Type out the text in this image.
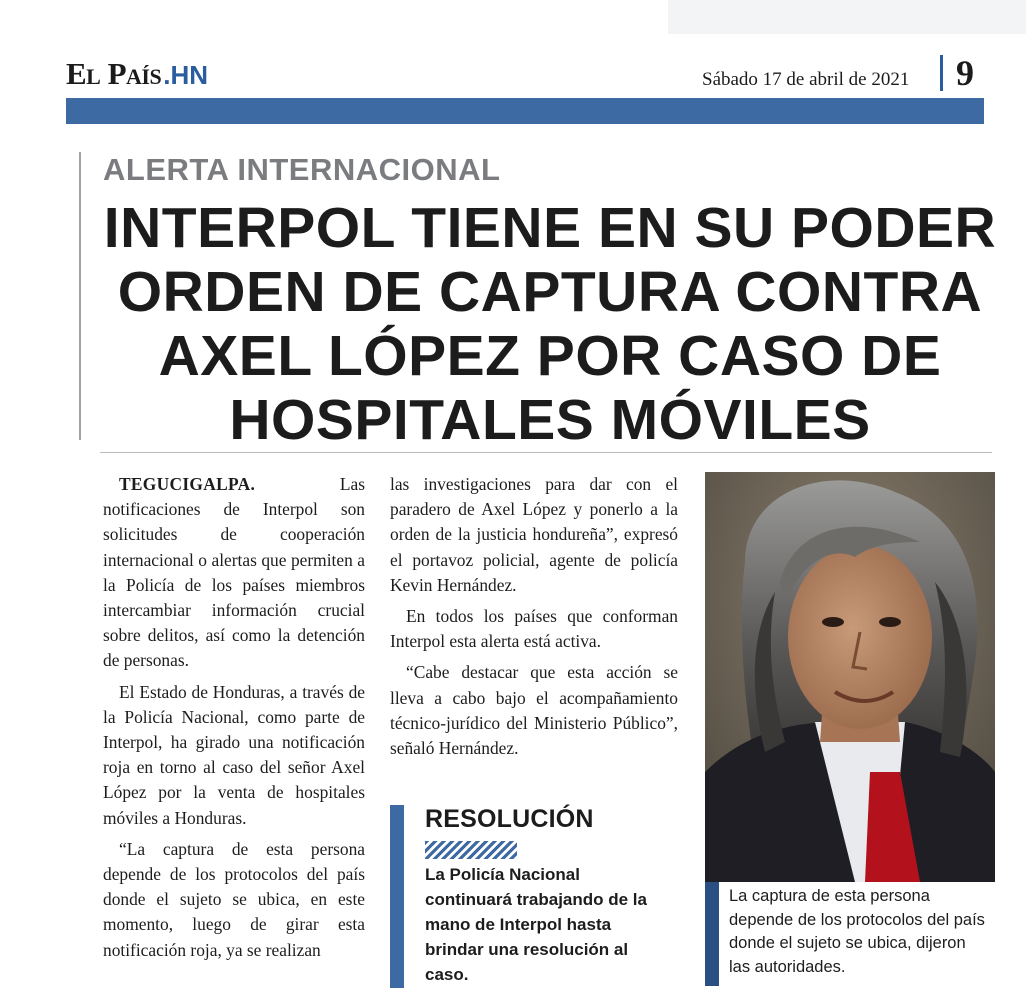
El País .HN	Sábado 17 de abril de 2021 9
ALERTA INTERNACIONAL
INTERPOL TIENE EN SU PODER
ORDEN DE CAPTURA CONTRA
AXEL LÓPEZ POR CASO DE
HOSPITALES MÓVILES

TEGUCIGALPA.	Las notificaciones de Interpol son solicitudes de cooperación internacional o alertas que permiten a la Policía de los países miembros intercambiar información crucial sobre delitos, así como la detención de personas.

El Estado de Honduras, a través de la Policía Nacional, como parte de Interpol, ha girado una notificación roja en torno al caso del señor Axel López por la venta de hospitales móviles a Honduras.

“La captura de esta persona depende de los protocolos del país donde el sujeto se ubica, en este momento, luego de girar esta notificación roja, ya se realizan

las investigaciones para dar con el paradero de Axel López y ponerlo a la orden de la justicia hondureña”, expresó el portavoz policial, agente de policía Kevin Hernández.

En todos los países que conforman Interpol esta alerta está activa.

“Cabe destacar que esta acción se lleva a cabo bajo el acompañamiento técnico-jurídico del Ministerio Público”, señaló Hernández.

RESOLUCIÓN
La Policía Nacional continuará trabajando de la mano de Interpol hasta brindar una resolución al caso.
La captura de esta persona depende de los protocolos del país donde el sujeto se ubica, dijeron las autoridades.
